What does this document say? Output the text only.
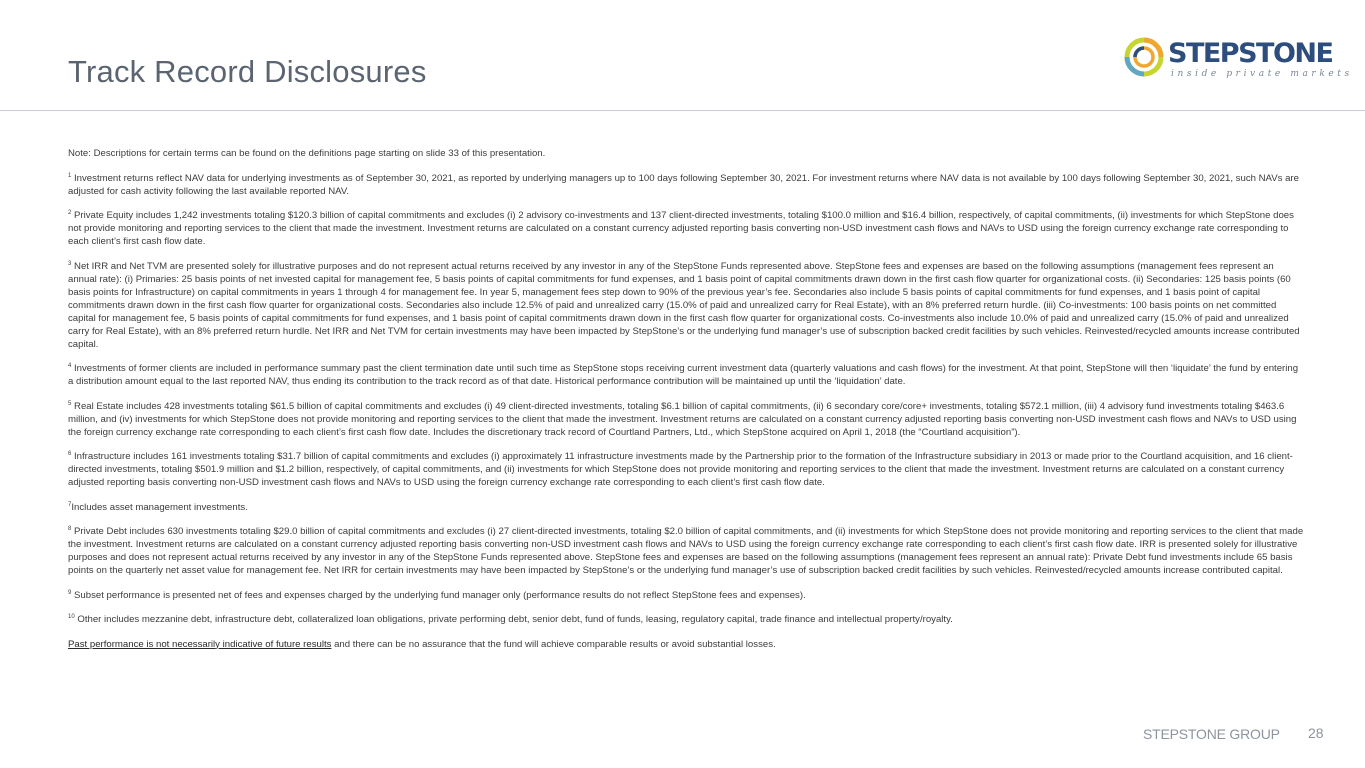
Track Record Disclosures
STEPSTONE
inside private markets

Note: Descriptions for certain terms can be found on the definitions page starting on slide 33 of this presentation.

$^1$ Investment returns reflect NAV data for underlying investments as of September 30, 2021, as reported by underlying managers up to 100 days following September 30, 2021. For investment returns where NAV data is not available by 100 days following September 30, 2021, such NAVs are adjusted for cash activity following the last available reported NAV.

$^2$ Private Equity includes 1,242 investments totaling $120.3 billion of capital commitments and excludes (i) 2 advisory co-investments and 137 client-directed investments, totaling $100.0 million and $16.4 billion, respectively, of capital commitments, (ii) investments for which StepStone does not provide monitoring and reporting services to the client that made the investment. Investment returns are calculated on a constant currency adjusted reporting basis converting non-USD investment cash flows and NAVs to USD using the foreign currency exchange rate corresponding to each client’s first cash flow date.

$^3$ Net IRR and Net TVM are presented solely for illustrative purposes and do not represent actual returns received by any investor in any of the StepStone Funds represented above. StepStone fees and expenses are based on the following assumptions (management fees represent an annual rate): (i) Primaries: 25 basis points of net invested capital for management fee, 5 basis points of capital commitments for fund expenses, and 1 basis point of capital commitments drawn down in the first cash flow quarter for organizational costs. (ii) Secondaries: 125 basis points (60 basis points for Infrastructure) on capital commitments in years 1 through 4 for management fee. In year 5, management fees step down to 90% of the previous year’s fee. Secondaries also include 5 basis points of capital commitments for fund expenses, and 1 basis point of capital commitments drawn down in the first cash flow quarter for organizational costs. Secondaries also include 12.5% of paid and unrealized carry (15.0% of paid and unrealized carry for Real Estate), with an 8% preferred return hurdle. (iii) Co-investments: 100 basis points on net committed capital for management fee, 5 basis points of capital commitments for fund expenses, and 1 basis point of capital commitments drawn down in the first cash flow quarter for organizational costs. Co-investments also include 10.0% of paid and unrealized carry (15.0% of paid and unrealized carry for Real Estate), with an 8% preferred return hurdle. Net IRR and Net TVM for certain investments may have been impacted by StepStone’s or the underlying fund manager’s use of subscription backed credit facilities by such vehicles. Reinvested/recycled amounts increase contributed capital.

$^4$ Investments of former clients are included in performance summary past the client termination date until such time as StepStone stops receiving current investment data (quarterly valuations and cash flows) for the investment. At that point, StepStone will then ‘liquidate’ the fund by entering a distribution amount equal to the last reported NAV, thus ending its contribution to the track record as of that date. Historical performance contribution will be maintained up until the ‘liquidation’ date.

$^5$ Real Estate includes 428 investments totaling $61.5 billion of capital commitments and excludes (i) 49 client-directed investments, totaling $6.1 billion of capital commitments, (ii) 6 secondary core/core+ investments, totaling $572.1 million, (iii) 4 advisory fund investments totaling $463.6 million, and (iv) investments for which StepStone does not provide monitoring and reporting services to the client that made the investment. Investment returns are calculated on a constant currency adjusted reporting basis converting non-USD investment cash flows and NAVs to USD using the foreign currency exchange rate corresponding to each client’s first cash flow date. Includes the discretionary track record of Courtland Partners, Ltd., which StepStone acquired on April 1, 2018 (the “Courtland acquisition”).

$^6$ Infrastructure includes 161 investments totaling $31.7 billion of capital commitments and excludes (i) approximately 11 infrastructure investments made by the Partnership prior to the formation of the Infrastructure subsidiary in 2013 or made prior to the Courtland acquisition, and 16 client-directed investments, totaling $501.9 million and $1.2 billion, respectively, of capital commitments, and (ii) investments for which StepStone does not provide monitoring and reporting services to the client that made the investment. Investment returns are calculated on a constant currency adjusted reporting basis converting non-USD investment cash flows and NAVs to USD using the foreign currency exchange rate corresponding to each client’s first cash flow date.

$^7$Includes asset management investments.

$^8$ Private Debt includes 630 investments totaling $29.0 billion of capital commitments and excludes (i) 27 client-directed investments, totaling $2.0 billion of capital commitments, and (ii) investments for which StepStone does not provide monitoring and reporting services to the client that made the investment. Investment returns are calculated on a constant currency adjusted reporting basis converting non-USD investment cash flows and NAVs to USD using the foreign currency exchange rate corresponding to each client’s first cash flow date. IRR is presented solely for illustrative purposes and does not represent actual returns received by any investor in any of the StepStone Funds represented above. StepStone fees and expenses are based on the following assumptions (management fees represent an annual rate): Private Debt fund investments include 65 basis points on the quarterly net asset value for management fee. Net IRR for certain investments may have been impacted by StepStone’s or the underlying fund manager’s use of subscription backed credit facilities by such vehicles. Reinvested/recycled amounts increase contributed capital.

$^9$ Subset performance is presented net of fees and expenses charged by the underlying fund manager only (performance results do not reflect StepStone fees and expenses).

$^{10}$ Other includes mezzanine debt, infrastructure debt, collateralized loan obligations, private performing debt, senior debt, fund of funds, leasing, regulatory capital, trade finance and intellectual property/royalty.

Past performance is not necessarily indicative of future results and there can be no assurance that the fund will achieve comparable results or avoid substantial losses.

STEPSTONE GROUP 28
